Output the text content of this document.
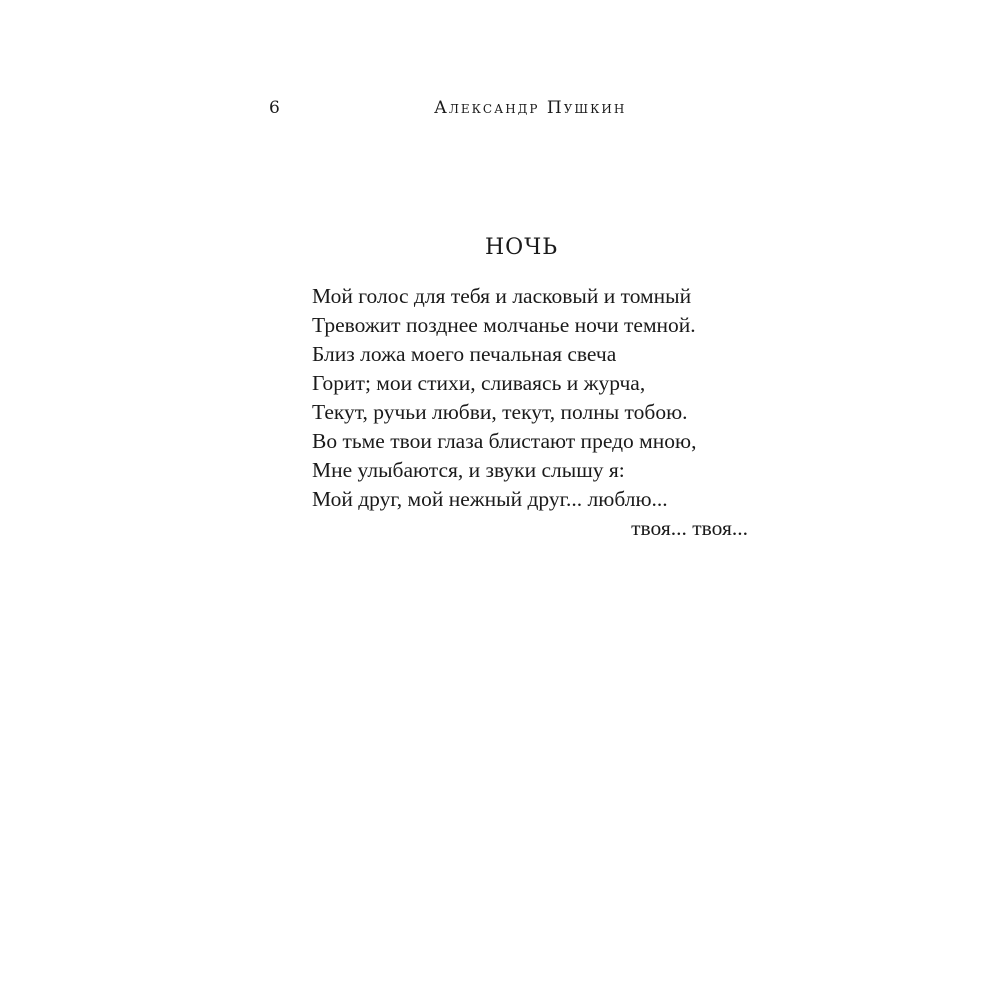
6	Александр Пушкин
НОЧЬ
Мой голос для тебя и ласковый и томный
Тревожит позднее молчанье ночи темной.
Близ ложа моего печальная свеча
Горит; мои стихи, сливаясь и журча,
Текут, ручьи любви, текут, полны тобою.
Во тьме твои глаза блистают предо мною,
Мне улыбаются, и звуки слышу я:
Мой друг, мой нежный друг... люблю...
твоя... твоя...
